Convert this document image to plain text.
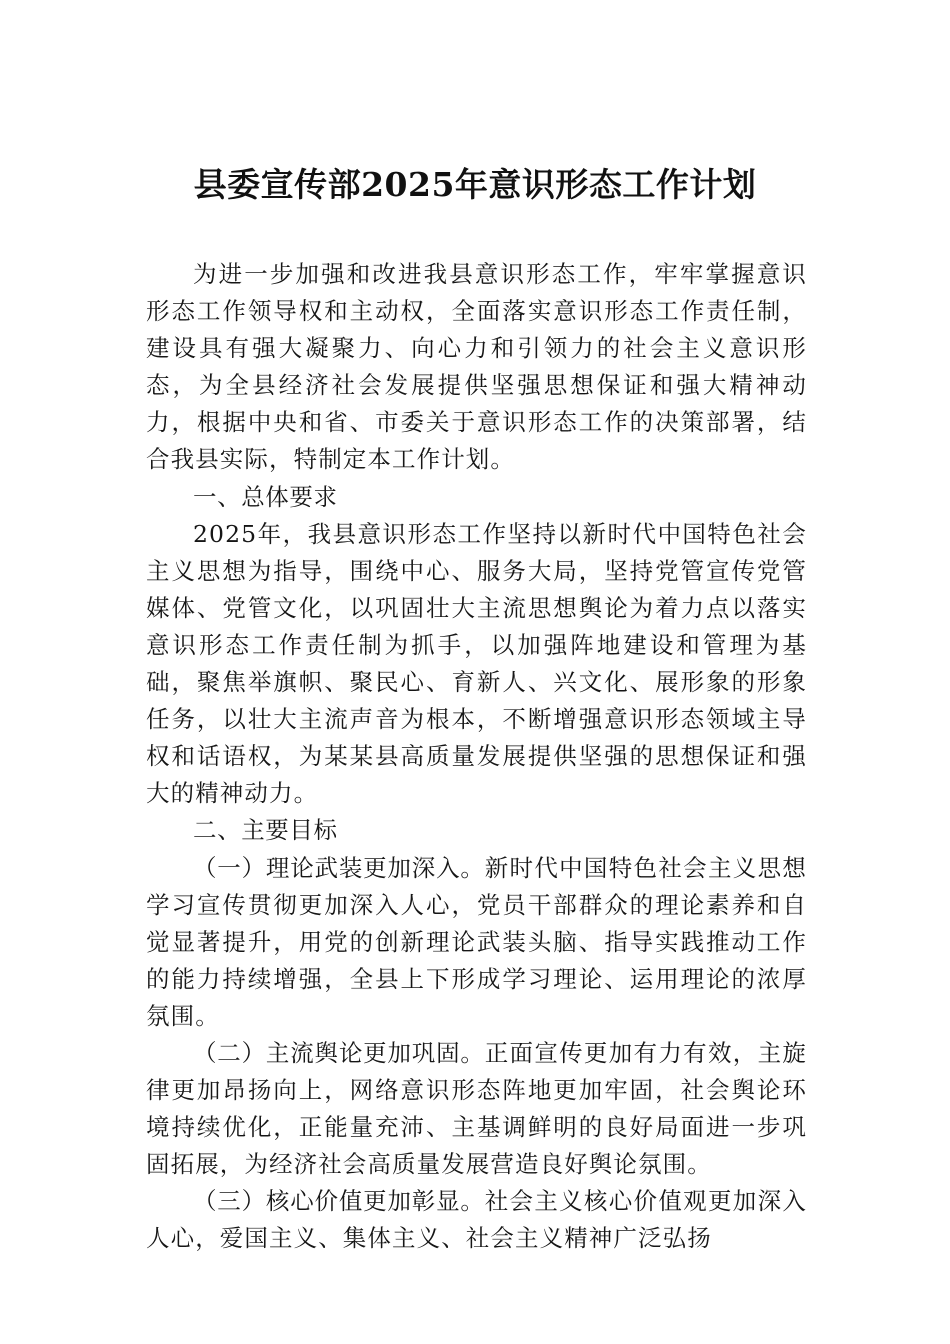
县委宣传部2025年意识形态工作计划

为进一步加强和改进我县意识形态工作，牢牢掌握意识形态工作领导权和主动权，全面落实意识形态工作责任制，建设具有强大凝聚力、向心力和引领力的社会主义意识形态，为全县经济社会发展提供坚强思想保证和强大精神动力，根据中央和省、市委关于意识形态工作的决策部署，结合我县实际，特制定本工作计划。

一、总体要求

2025年，我县意识形态工作坚持以新时代中国特色社会主义思想为指导，围绕中心、服务大局，坚持党管宣传党管媒体、党管文化，以巩固壮大主流思想舆论为着力点以落实意识形态工作责任制为抓手，以加强阵地建设和管理为基础，聚焦举旗帜、聚民心、育新人、兴文化、展形象的形象任务，以壮大主流声音为根本，不断增强意识形态领域主导权和话语权，为某某县高质量发展提供坚强的思想保证和强大的精神动力。

二、主要目标

（一）理论武装更加深入。新时代中国特色社会主义思想学习宣传贯彻更加深入人心，党员干部群众的理论素养和自觉显著提升，用党的创新理论武装头脑、指导实践推动工作的能力持续增强，全县上下形成学习理论、运用理论的浓厚氛围。

（二）主流舆论更加巩固。正面宣传更加有力有效，主旋律更加昂扬向上，网络意识形态阵地更加牢固，社会舆论环境持续优化，正能量充沛、主基调鲜明的良好局面进一步巩固拓展，为经济社会高质量发展营造良好舆论氛围。

（三）核心价值更加彰显。社会主义核心价值观更加深入人心，爱国主义、集体主义、社会主义精神广泛弘扬
